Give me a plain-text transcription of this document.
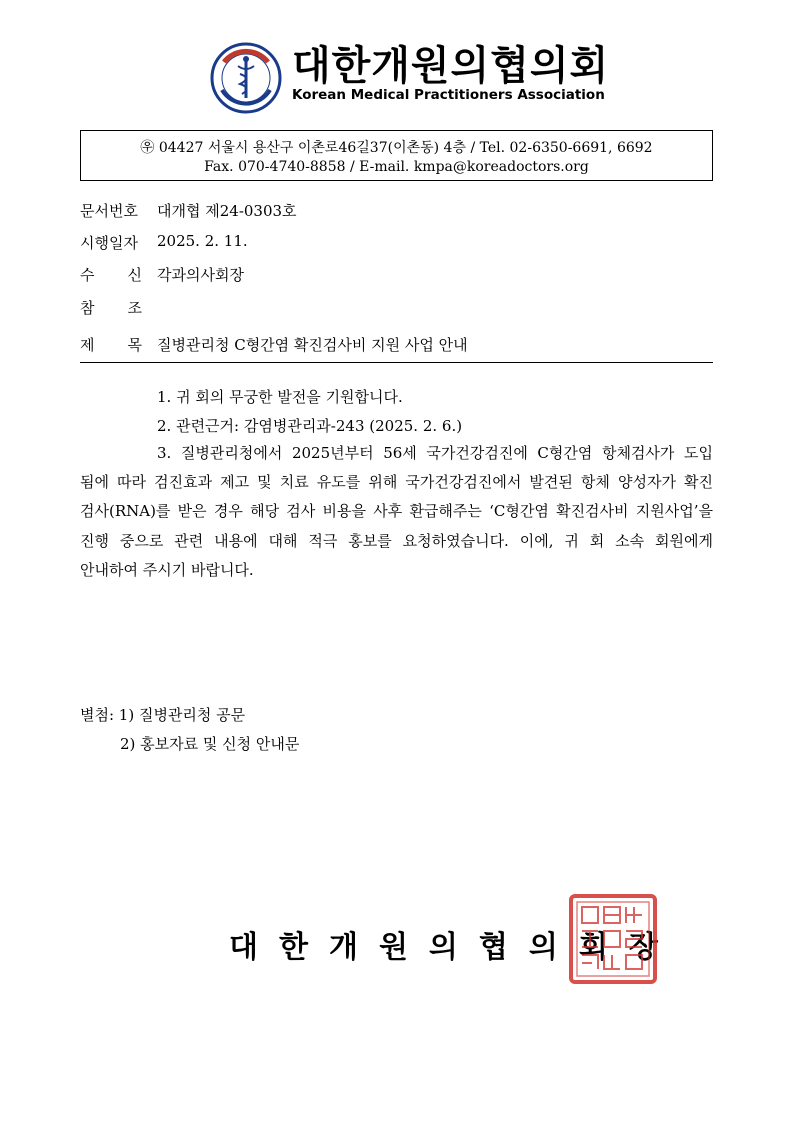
대한개원의협의회
Korean Medical Practitioners Association
㉾ 04427 서울시 용산구 이촌로46길37(이촌동) 4층 / Tel. 02-6350-6691, 6692
Fax. 070-4740-8858 / E-mail. kmpa@koreadoctors.org
문서번호 대개협 제24-0303호
시행일자 2025. 2. 11.
수 신 각과의사회장
참 조
제 목 질병관리청 C형간염 확진검사비 지원 사업 안내
1. 귀 회의 무궁한 발전을 기원합니다.
2. 관련근거: 감염병관리과-243 (2025. 2. 6.)
3. 질병관리청에서 2025년부터 56세 국가건강검진에 C형간염 항체검사가 도입
됨에 따라 검진효과 제고 및 치료 유도를 위해 국가건강검진에서 발견된 항체 양성자가 확진
검사(RNA)를 받은 경우 해당 검사 비용을 사후 환급해주는 ‘C형간염 확진검사비 지원사업’을
진행 중으로 관련 내용에 대해 적극 홍보를 요청하였습니다. 이에, 귀 회 소속 회원에게
안내하여 주시기 바랍니다.
별첨: 1) 질병관리청 공문
2) 홍보자료 및 신청 안내문
대한개원의협의회장
